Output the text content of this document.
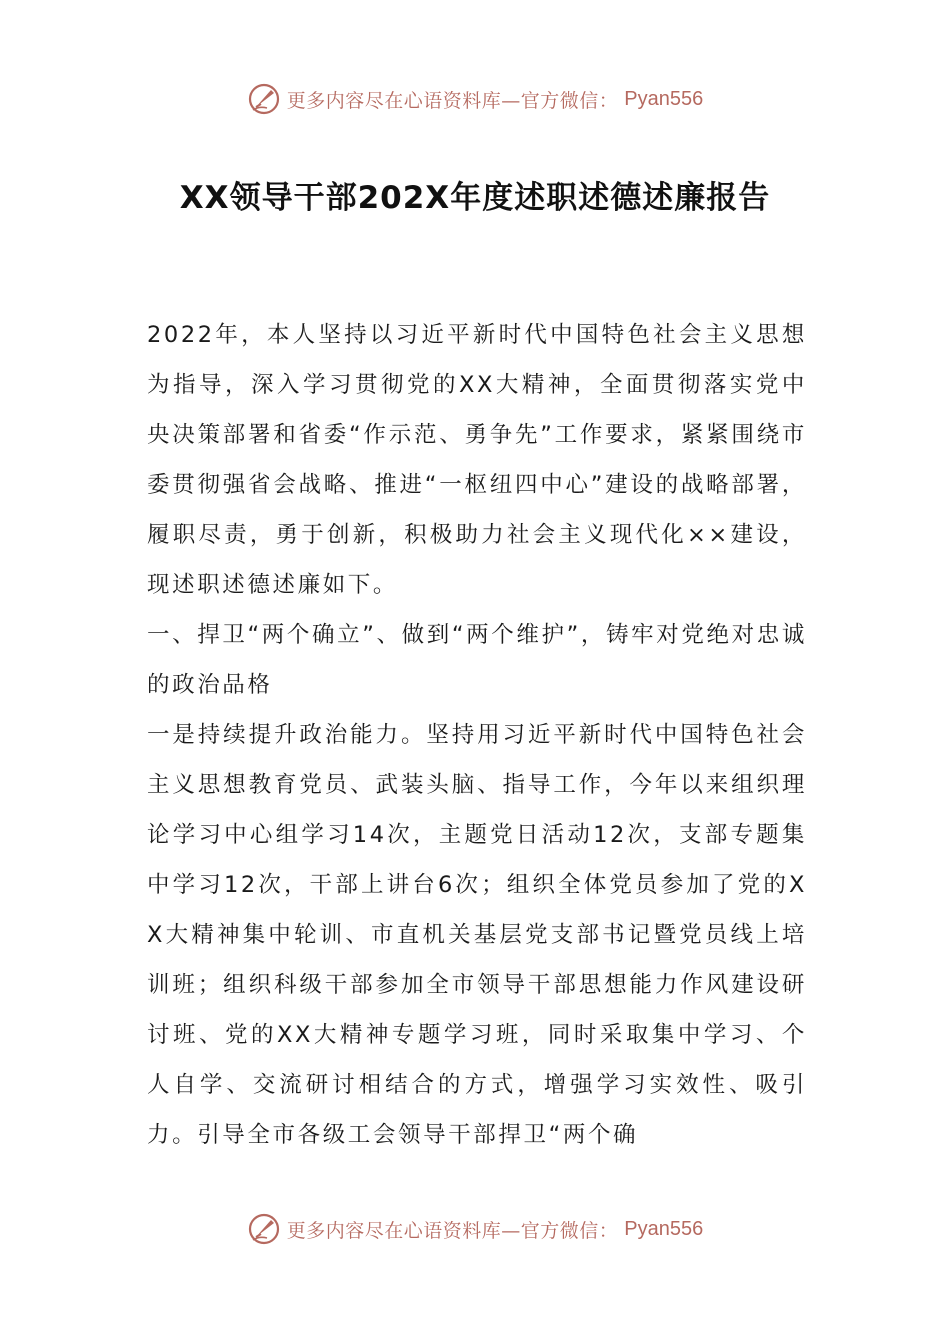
更多内容尽在心语资料库—官方微信： Pyan556
XX领导干部202X年度述职述德述廉报告

2022年，本人坚持以习近平新时代中国特色社会主义思想为指导，深入学习贯彻党的XX大精神，全面贯彻落实党中央决策部署和省委“作示范、勇争先”工作要求，紧紧围绕市委贯彻强省会战略、推进“一枢纽四中心”建设的战略部署，履职尽责，勇于创新，积极助力社会主义现代化××建设，现述职述德述廉如下。

一、捍卫“两个确立”、做到“两个维护”，铸牢对党绝对忠诚的政治品格

一是持续提升政治能力。坚持用习近平新时代中国特色社会主义思想教育党员、武装头脑、指导工作，今年以来组织理论学习中心组学习14次，主题党日活动12次，支部专题集中学习12次，干部上讲台6次；组织全体党员参加了党的XX大精神集中轮训、市直机关基层党支部书记暨党员线上培训班；组织科级干部参加全市领导干部思想能力作风建设研讨班、党的XX大精神专题学习班，同时采取集中学习、个人自学、交流研讨相结合的方式，增强学习实效性、吸引力。引导全市各级工会领导干部捍卫“两个确

更多内容尽在心语资料库—官方微信： Pyan556
